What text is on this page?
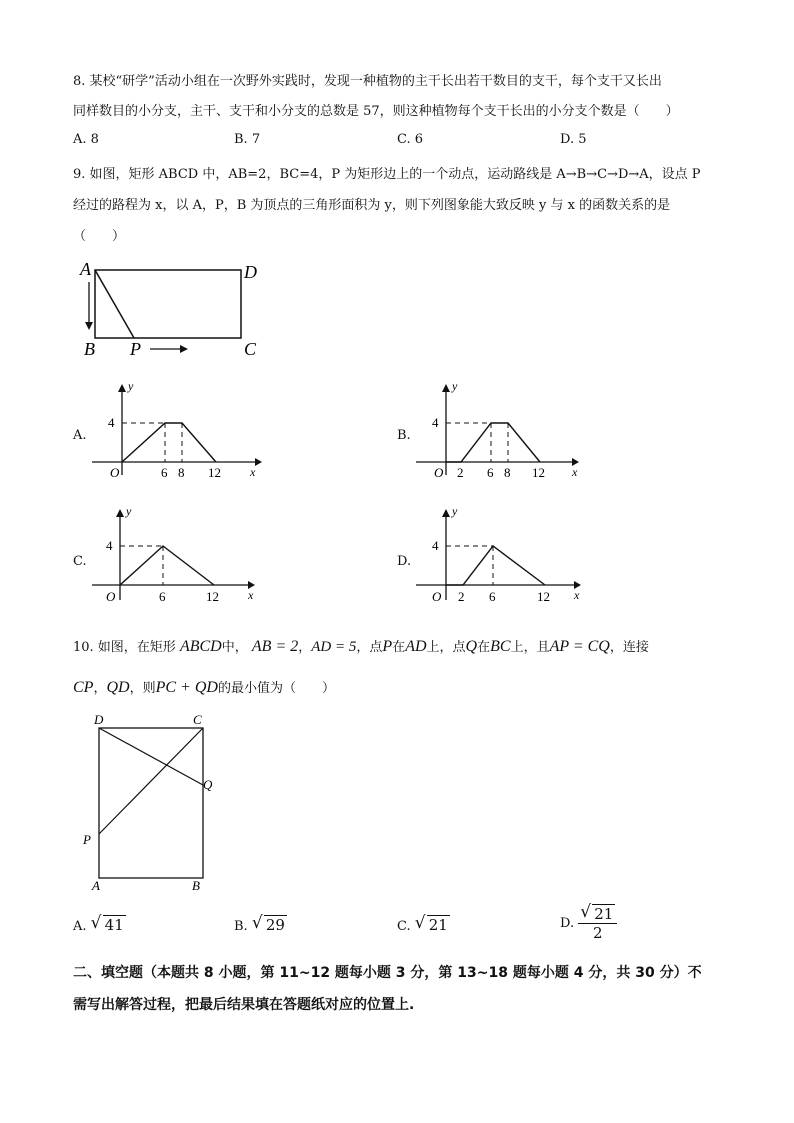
8. 某校“研学”活动小组在一次野外实践时，发现一种植物的主干长出若干数目的支干，每个支干又长出
同样数目的小分支，主干、支干和小分支的总数是 57，则这种植物每个支干长出的小分支个数是（　　）
A. 8	B. 7	C. 6	D. 5
9. 如图，矩形 ABCD 中，AB=2，BC=4，P 为矩形边上的一个动点，运动路线是 A→B→C→D→A，设点 P
经过的路程为 x，以 A，P，B 为顶点的三角形面积为 y，则下列图象能大致反映 y 与 x 的函数关系的是
（　　）
A
B	C
D
P
A.
y
4
O	6 8 12 x
B.
y
4
O 2 6 8 12 x
C.
y
4
O	6	12 x
D.
y
4
O 2 6	12 x
10. 如图，在矩形 ABCD中， AB = 2，AD = 5，点P在AD上，点Q在BC上，且AP = CQ，连接
CP，QD，则PC + QD的最小值为（　　）
D	C
Q
P
A	B
A. √ 41	B. √ 29	C. √ 21	D. $\frac{√ 21}{2}$
二、填空题（本题共 8 小题，第 11~12 题每小题 3 分，第 13~18 题每小题 4 分，共 30 分）不
需写出解答过程，把最后结果填在答题纸对应的位置上.
